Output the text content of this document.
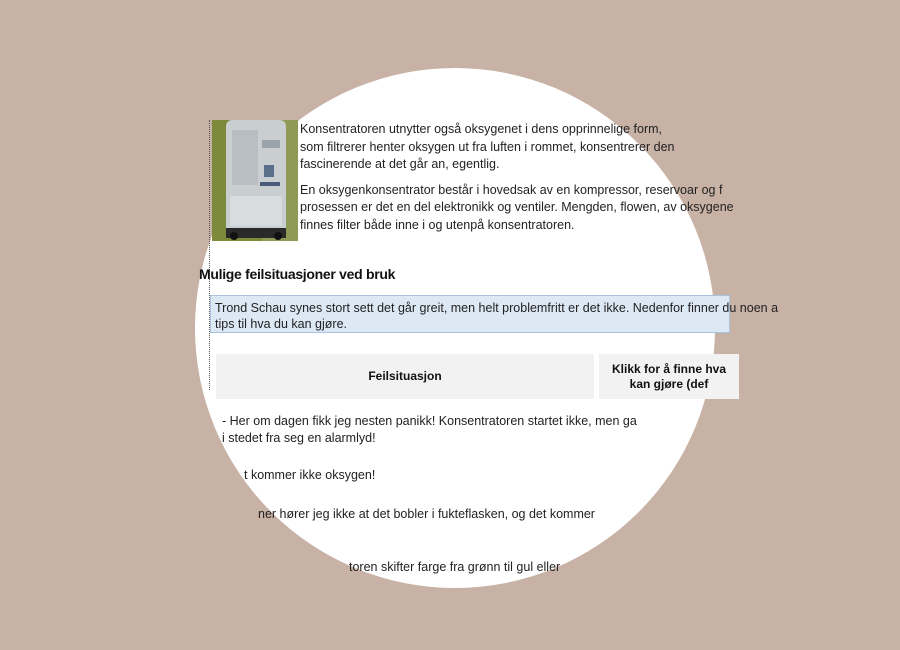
Konsentratoren utnytter også oksygenet i dens opprinnelige form,
som filtrerer henter oksygen ut fra luften i rommet, konsentrerer den
fascinerende at det går an, egentlig.

En oksygenkonsentrator består i hovedsak av en kompressor, reservoar og f
prosessen er det en del elektronikk og ventiler. Mengden, flowen, av oksygene
finnes filter både inne i og utenpå konsentratoren.

Mulige feilsituasjoner ved bruk
Trond Schau synes stort sett det går greit, men helt problemfritt er det ikke. Nedenfor finner du noen a
tips til hva du kan gjøre.
Feilsituasjon	Klikk for å finne hva
kan gjøre (def
- Her om dagen fikk jeg nesten panikk! Konsentratoren startet ikke, men ga
i stedet fra seg en alarmlyd!
t kommer ikke oksygen!
ner hører jeg ikke at det bobler i fukteflasken, og det kommer
toren skifter farge fra grønn til gul eller
